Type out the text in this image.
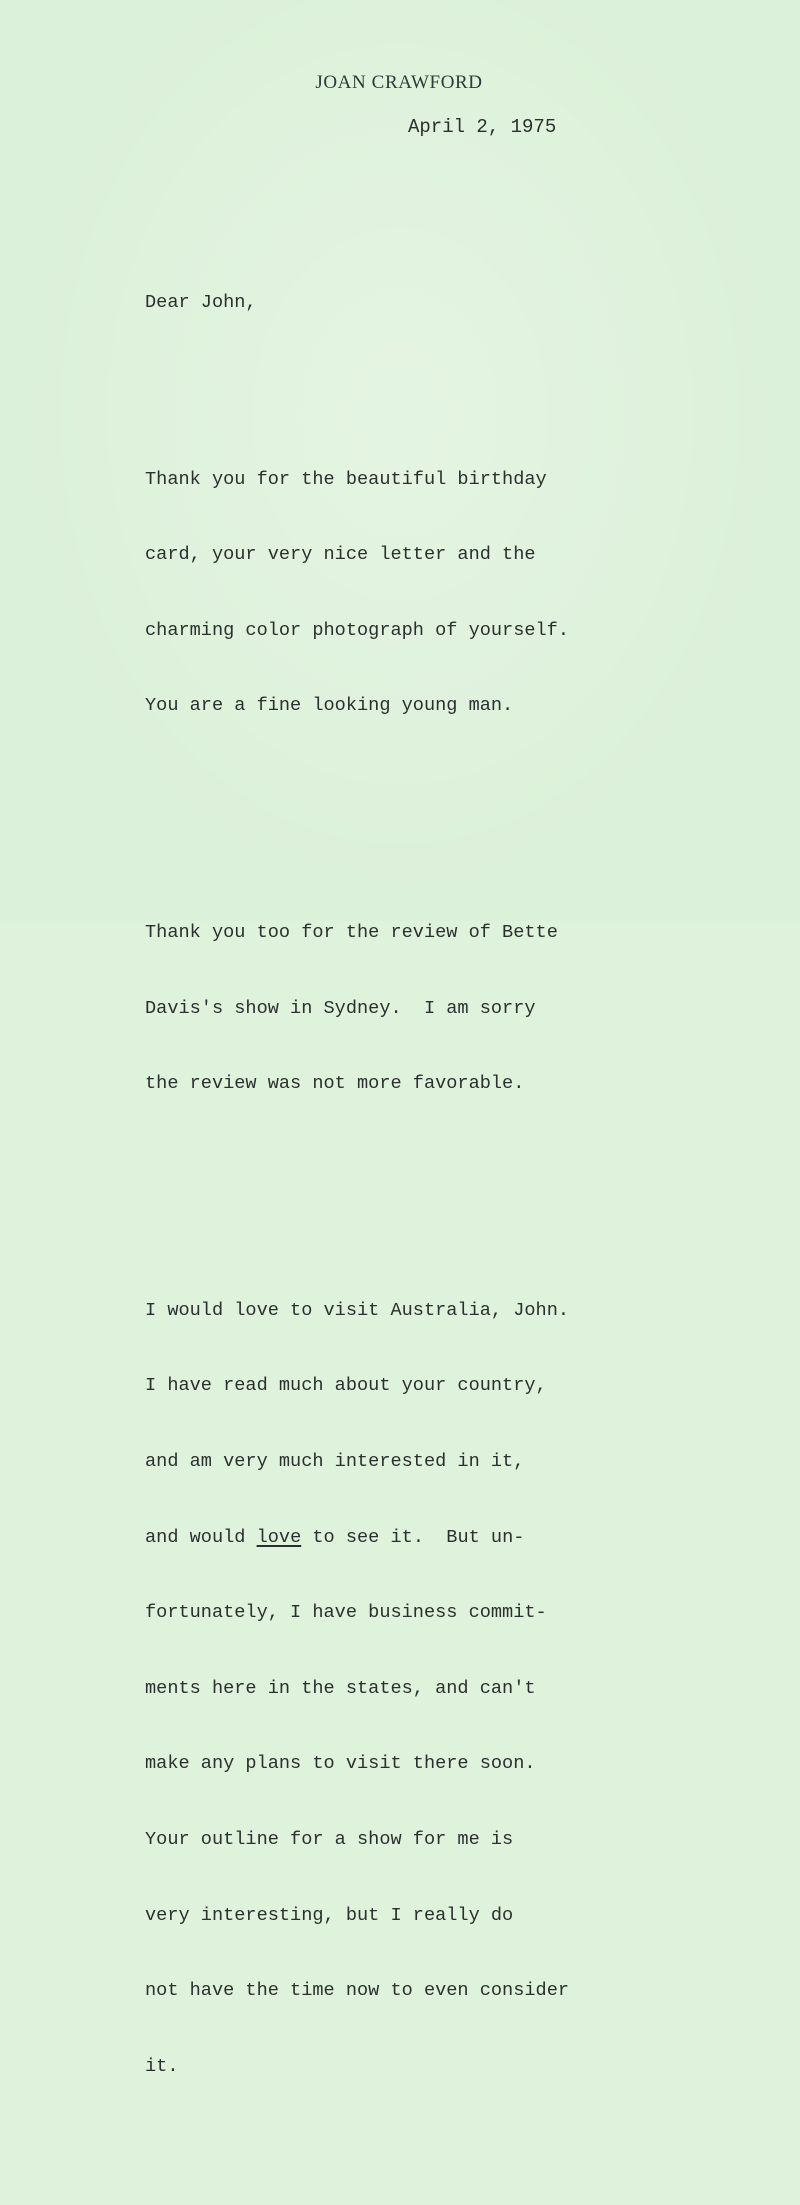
JOAN CRAWFORD
April 2, 1975

Dear John,

Thank you for the beautiful birthday

card, your very nice letter and the

charming color photograph of yourself.

You are a fine looking young man.

Thank you too for the review of Bette

Davis's show in Sydney.  I am sorry

the review was not more favorable.

I would love to visit Australia, John.

I have read much about your country,

and am very much interested in it,

and would love to see it.  But un-

fortunately, I have business commit-

ments here in the states, and can't

make any plans to visit there soon.

Your outline for a show for me is

very interesting, but I really do

not have the time now to even consider

it.
